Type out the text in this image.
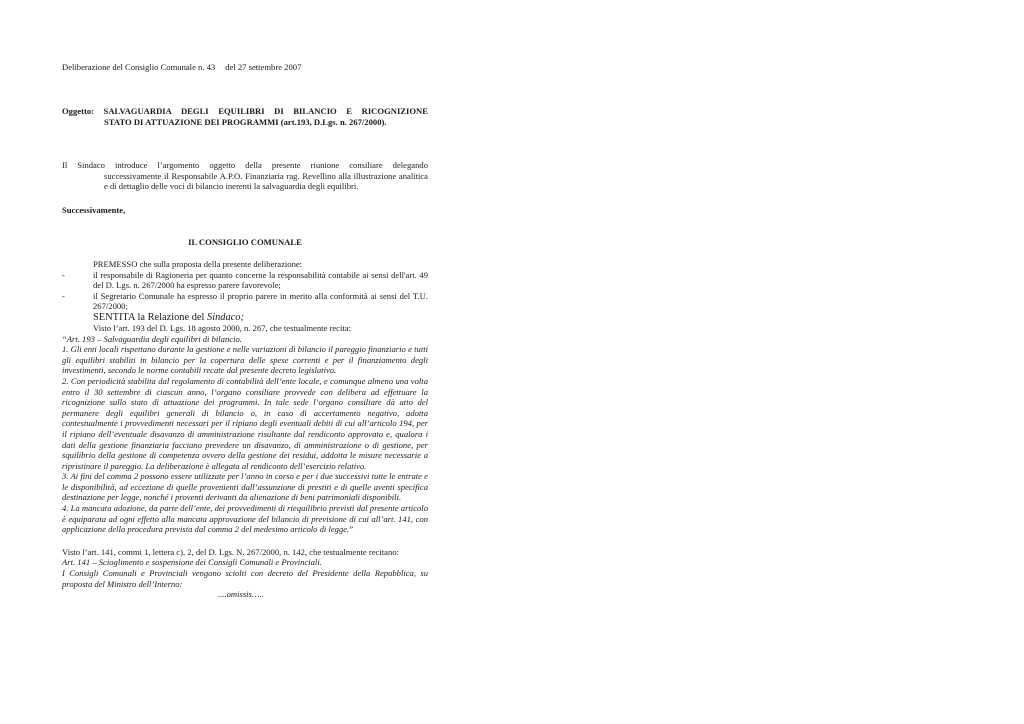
Deliberazione del Consiglio Comunale n. 43 del 27 settembre 2007
Oggetto: SALVAGUARDIA DEGLI EQUILIBRI DI BILANCIO E RICOGNIZIONE
STATO DI ATTUAZIONE DEI PROGRAMMI (art.193, D.Lgs. n. 267/2000).
Il Sindaco introduce l’argomento oggetto della presente riunione consiliare delegando
successivamente il Responsabile A.P.O. Finanziaria rag. Revellino alla illustrazione analitica e di dettaglio delle voci di bilancio inerenti la salvaguardia degli equilibri.
Successivamente,
IL CONSIGLIO COMUNALE
PREMESSO che sulla proposta della presente deliberazione:
-	il responsabile di Ragioneria per quanto concerne la responsabilità contabile ai sensi dell'art. 49 del D. Lgs. n. 267/2000 ha espresso parere favorevole;
-	il Segretario Comunale ha espresso il proprio parere in merito alla conformità ai sensi del T.U. 267/2000;
SENTITA la Relazione del Sindaco;
Visto l’art. 193 del D. Lgs. 18 agosto 2000, n. 267, che testualmente recita:
“Art. 193 – Salvaguardia degli equilibri di bilancio.
1. Gli enti locali rispettano durante la gestione e nelle variazioni di bilancio il pareggio finanziario e tutti gli equilibri stabiliti in bilancio per la copertura delle spese correnti e per il finanziamento degli investimenti, secondo le norme contabili recate dal presente decreto legislativo.
2. Con periodicità stabilita dal regolamento di contabilità dell’ente locale, e comunque almeno una volta entro il 30 settembre di ciascun anno, l’organo consiliare provvede con delibera ad effettuare la ricognizione sullo stato di attuazione dei programmi. In tale sede l’organo consiliare dà atto del permanere degli equilibri generali di bilancio o, in caso di accertamento negativo, adotta contestualmente i provvedimenti necessari per il ripiano degli eventuali debiti di cui all’articolo 194, per il ripiano dell’eventuale disavanzo di amministrazione risultante dal rendiconto approvato e, qualora i dati della gestione finanziaria facciano prevedere un disavanzo, di amministrazione o di gestione, per squilibrio della gestione di competenza ovvero della gestione dei residui, addotta le misure necessarie a ripristinare il pareggio. La deliberazione è allegata al rendiconto dell’esercizio relativo.
3. Ai fini del comma 2 possono essere utilizzate per l’anno in corso e per i due successivi tutte le entrate e le disponibilità, ad eccezione di quelle provenienti dall’assunzione di prestiti e di quelle aventi specifica destinazione per legge, nonché i proventi derivanti da alienazione di beni patrimoniali disponibili.
4. La mancata adozione, da parte dell’ente, dei provvedimenti di riequilibrio previsti dal presente articolo è equiparata ad ogni effetto alla mancata approvazione del bilancio di previsione di cui all’art. 141, con applicazione della procedura prevista dal comma 2 del medesimo articolo di legge.”
Visto l’art. 141, commi 1, lettera c), 2, del D. Lgs. N. 267/2000, n. 142, che testualmente recitano:
Art. 141 – Scioglimento e sospensione dei Consigli Comunali e Provinciali.
I Consigli Comunali e Provinciali vengono sciolti con decreto del Presidente della Repubblica, su proposta del Ministro dell’Interno:
....omissis…..
